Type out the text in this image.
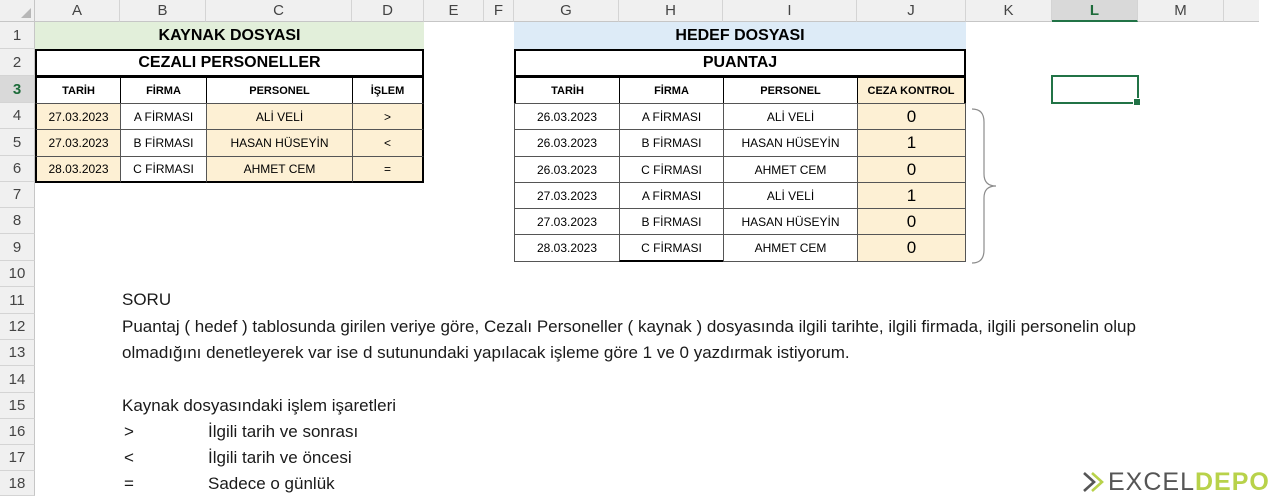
A	B	C	D	E	F	G	H	I	J	K	L	M
1
2
3
4
5
6
7
8
9
10
11
12
13
14
15
16
17
18
KAYNAK DOSYASI
CEZALI PERSONELLER
TARİH	FİRMA	PERSONEL	İŞLEM
27.03.2023	A FİRMASI	ALİ VELİ	>
27.03.2023	B FİRMASI	HASAN HÜSEYİN	<
28.03.2023	C FİRMASI	AHMET CEM	=
HEDEF DOSYASI
PUANTAJ
TARİH	FİRMA	PERSONEL	CEZA KONTROL
26.03.2023	A FİRMASI	ALİ VELİ	0
26.03.2023	B FİRMASI	HASAN HÜSEYİN	1
26.03.2023	C FİRMASI	AHMET CEM	0
27.03.2023	A FİRMASI	ALİ VELİ	1
27.03.2023	B FİRMASI	HASAN HÜSEYİN	0
28.03.2023	C FİRMASI	AHMET CEM	0
SORU
Puantaj ( hedef ) tablosunda girilen veriye göre, Cezalı Personeller ( kaynak ) dosyasında ilgili tarihte, ilgili firmada, ilgili personelin olup
olmadığını denetleyerek var ise d sutunundaki yapılacak işleme göre 1 ve 0 yazdırmak istiyorum.
Kaynak dosyasındaki işlem işaretleri
>	İlgili tarih ve sonrası
<	İlgili tarih ve öncesi
=	Sadece o günlük	EXCEL DEPO
